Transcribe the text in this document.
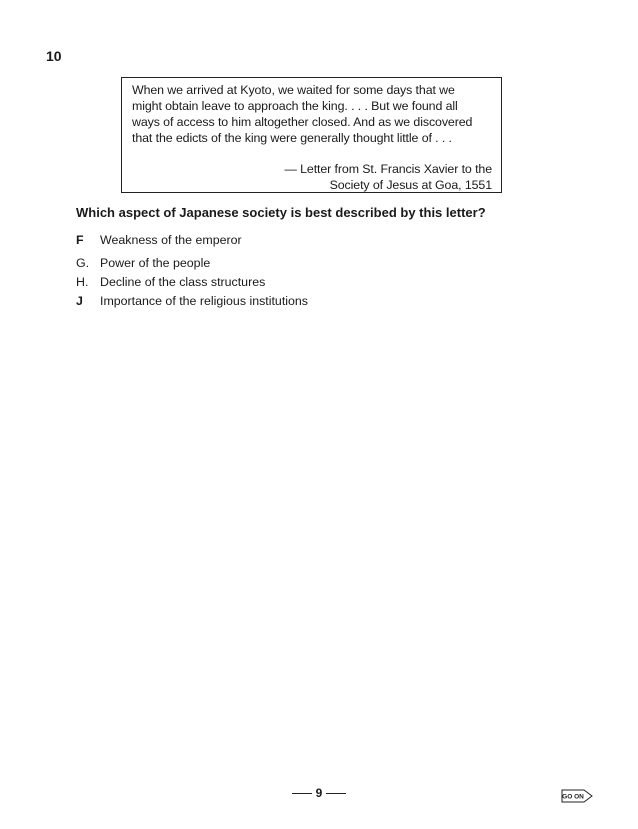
10
When we arrived at Kyoto, we waited for some days that we
might obtain leave to approach the king. . . . But we found all
ways of access to him altogether closed. And as we discovered
that the edicts of the king were generally thought little of . . .
— Letter from St. Francis Xavier to the
Society of Jesus at Goa, 1551
Which aspect of Japanese society is best described by this letter?
F Weakness of the emperor
G. Power of the people
H. Decline of the class structures
J Importance of the religious institutions
9	GO ON
